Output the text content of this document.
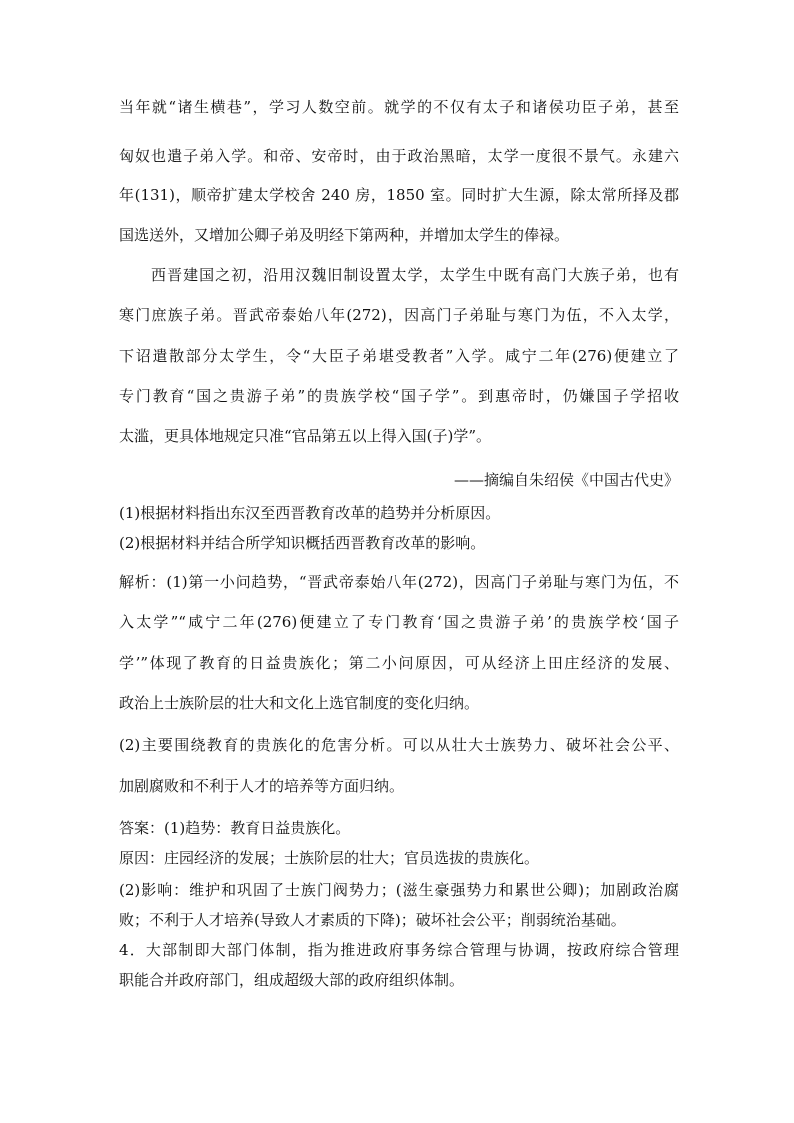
当年就“诸生横巷”，学习人数空前。就学的不仅有太子和诸侯功臣子弟，甚至
匈奴也遣子弟入学。和帝、安帝时，由于政治黑暗，太学一度很不景气。永建六
年(131)，顺帝扩建太学校舍 240 房，1850 室。同时扩大生源，除太常所择及郡
国选送外，又增加公卿子弟及明经下第两种，并增加太学生的俸禄。
　　西晋建国之初，沿用汉魏旧制设置太学，太学生中既有高门大族子弟，也有
寒门庶族子弟。晋武帝泰始八年(272)，因高门子弟耻与寒门为伍，不入太学，
下诏遣散部分太学生，令“大臣子弟堪受教者”入学。咸宁二年(276)便建立了
专门教育“国之贵游子弟”的贵族学校“国子学”。到惠帝时，仍嫌国子学招收
太滥，更具体地规定只准“官品第五以上得入国(子)学”。
——摘编自朱绍侯《中国古代史》
(1)根据材料指出东汉至西晋教育改革的趋势并分析原因。
(2)根据材料并结合所学知识概括西晋教育改革的影响。
解析：(1)第一小问趋势，“晋武帝泰始八年(272)，因高门子弟耻与寒门为伍，不
入太学”“咸宁二年(276)便建立了专门教育‘国之贵游子弟’的贵族学校‘国子
学’”体现了教育的日益贵族化；第二小问原因，可从经济上田庄经济的发展、
政治上士族阶层的壮大和文化上选官制度的变化归纳。
(2)主要围绕教育的贵族化的危害分析。可以从壮大士族势力、破坏社会公平、
加剧腐败和不利于人才的培养等方面归纳。
答案：(1)趋势：教育日益贵族化。
原因：庄园经济的发展；士族阶层的壮大；官员选拔的贵族化。
(2)影响：维护和巩固了士族门阀势力；(滋生豪强势力和累世公卿)；加剧政治腐
败；不利于人才培养(导致人才素质的下降)；破坏社会公平；削弱统治基础。
4．大部制即大部门体制，指为推进政府事务综合管理与协调，按政府综合管理
职能合并政府部门，组成超级大部的政府组织体制。
